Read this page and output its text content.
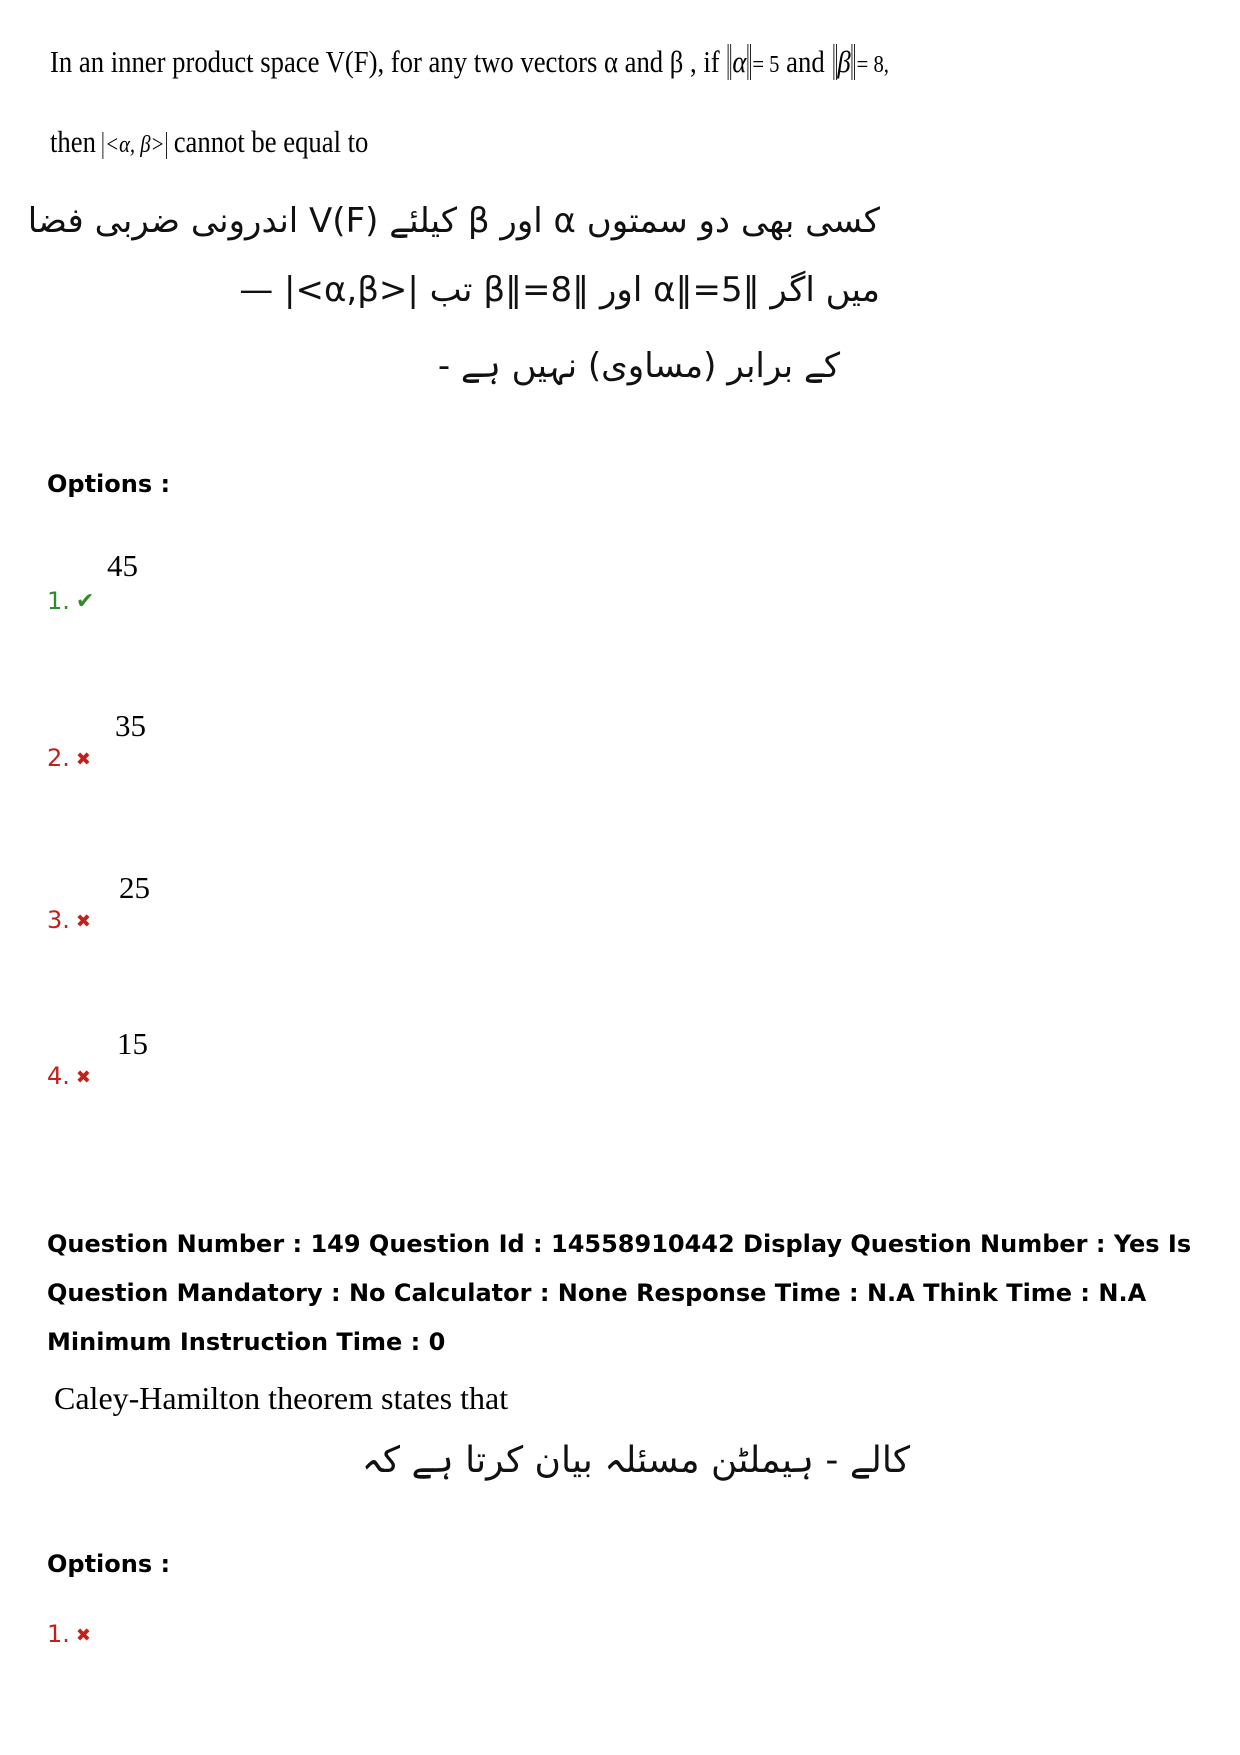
In an inner product space V(F), for any two vectors α and β , if α = 5 and β = 8,
then <α, β> cannot be equal to
کسی بھی دو سمتوں α اور β کیلئے V(F) اندرونی ضربی فضا
میں اگر ‖α‖=5 اور ‖β‖=8 تب |<α,β>| —
کے برابر (مساوی) نہیں ہے -
Options :
45
1. ✔
35
2. ✖
25
3. ✖
15
4. ✖
Question Number : 149 Question Id : 14558910442 Display Question Number : Yes Is Question Mandatory : No Calculator : None Response Time : N.A Think Time : N.A Minimum Instruction Time : 0
Caley-Hamilton theorem states that
کالے - ہیملٹن مسئلہ بیان کرتا ہے کہ
Options :
1. ✖
